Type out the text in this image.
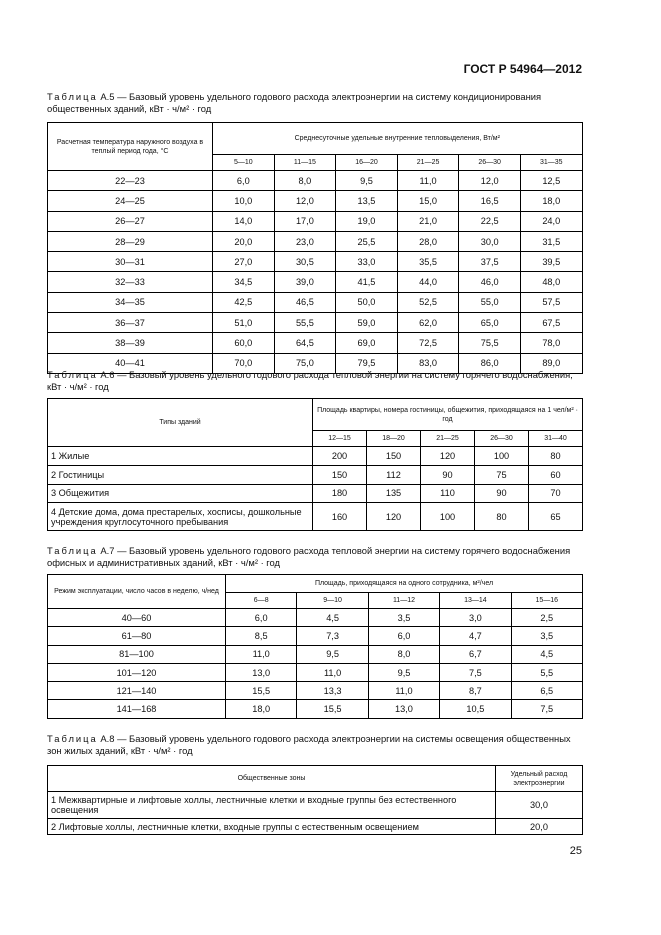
ГОСТ Р 54964—2012
Таблица А.5 — Базовый уровень удельного годового расхода электроэнергии на систему кондиционирования общественных зданий, кВт · ч/м² · год
Расчетная температура наружного воздуха в теплый период года, °С	Среднесуточные удельные внутренние тепловыделения, Вт/м²					
	5—10	11—15	16—20	21—25	26—30	31—35
22—23	6,0	8,0	9,5	11,0	12,0	12,5
24—25	10,0	12,0	13,5	15,0	16,5	18,0
26—27	14,0	17,0	19,0	21,0	22,5	24,0
28—29	20,0	23,0	25,5	28,0	30,0	31,5
30—31	27,0	30,5	33,0	35,5	37,5	39,5
32—33	34,5	39,0	41,5	44,0	46,0	48,0
34—35	42,5	46,5	50,0	52,5	55,0	57,5
36—37	51,0	55,5	59,0	62,0	65,0	67,5
38—39	60,0	64,5	69,0	72,5	75,5	78,0
40—41	70,0	75,0	79,5	83,0	86,0	89,0
Таблица А.6 — Базовый уровень удельного годового расхода тепловой энергии на систему горячего водоснабжения, кВт · ч/м² · год
Типы зданий	Площадь квартиры, номера гостиницы, общежития, приходящаяся на 1 чел/м² · год				
	12—15	18—20	21—25	26—30	31—40
1 Жилые	200	150	120	100	80
2 Гостиницы	150	112	90	75	60
3 Общежития	180	135	110	90	70
4 Детские дома, дома престарелых, хосписы, дошкольные учреждения круглосуточного пребывания	160	120	100	80	65
Таблица А.7 — Базовый уровень удельного годового расхода тепловой энергии на систему горячего водоснабжения офисных и административных зданий, кВт · ч/м² · год
Режим эксплуатации, число часов в неделю, ч/нед	Площадь, приходящаяся на одного сотрудника, м²/чел				
	6—8	9—10	11—12	13—14	15—16
40—60	6,0	4,5	3,5	3,0	2,5
61—80	8,5	7,3	6,0	4,7	3,5
81—100	11,0	9,5	8,0	6,7	4,5
101—120	13,0	11,0	9,5	7,5	5,5
121—140	15,5	13,3	11,0	8,7	6,5
141—168	18,0	15,5	13,0	10,5	7,5
Таблица А.8 — Базовый уровень удельного годового расхода электроэнергии на системы освещения общественных зон жилых зданий, кВт · ч/м² · год
Общественные зоны	Удельный расход электроэнергии
1 Межквартирные и лифтовые холлы, лестничные клетки и входные группы без естественного освещения	30,0
2 Лифтовые холлы, лестничные клетки, входные группы с естественным освещением	20,0
25
